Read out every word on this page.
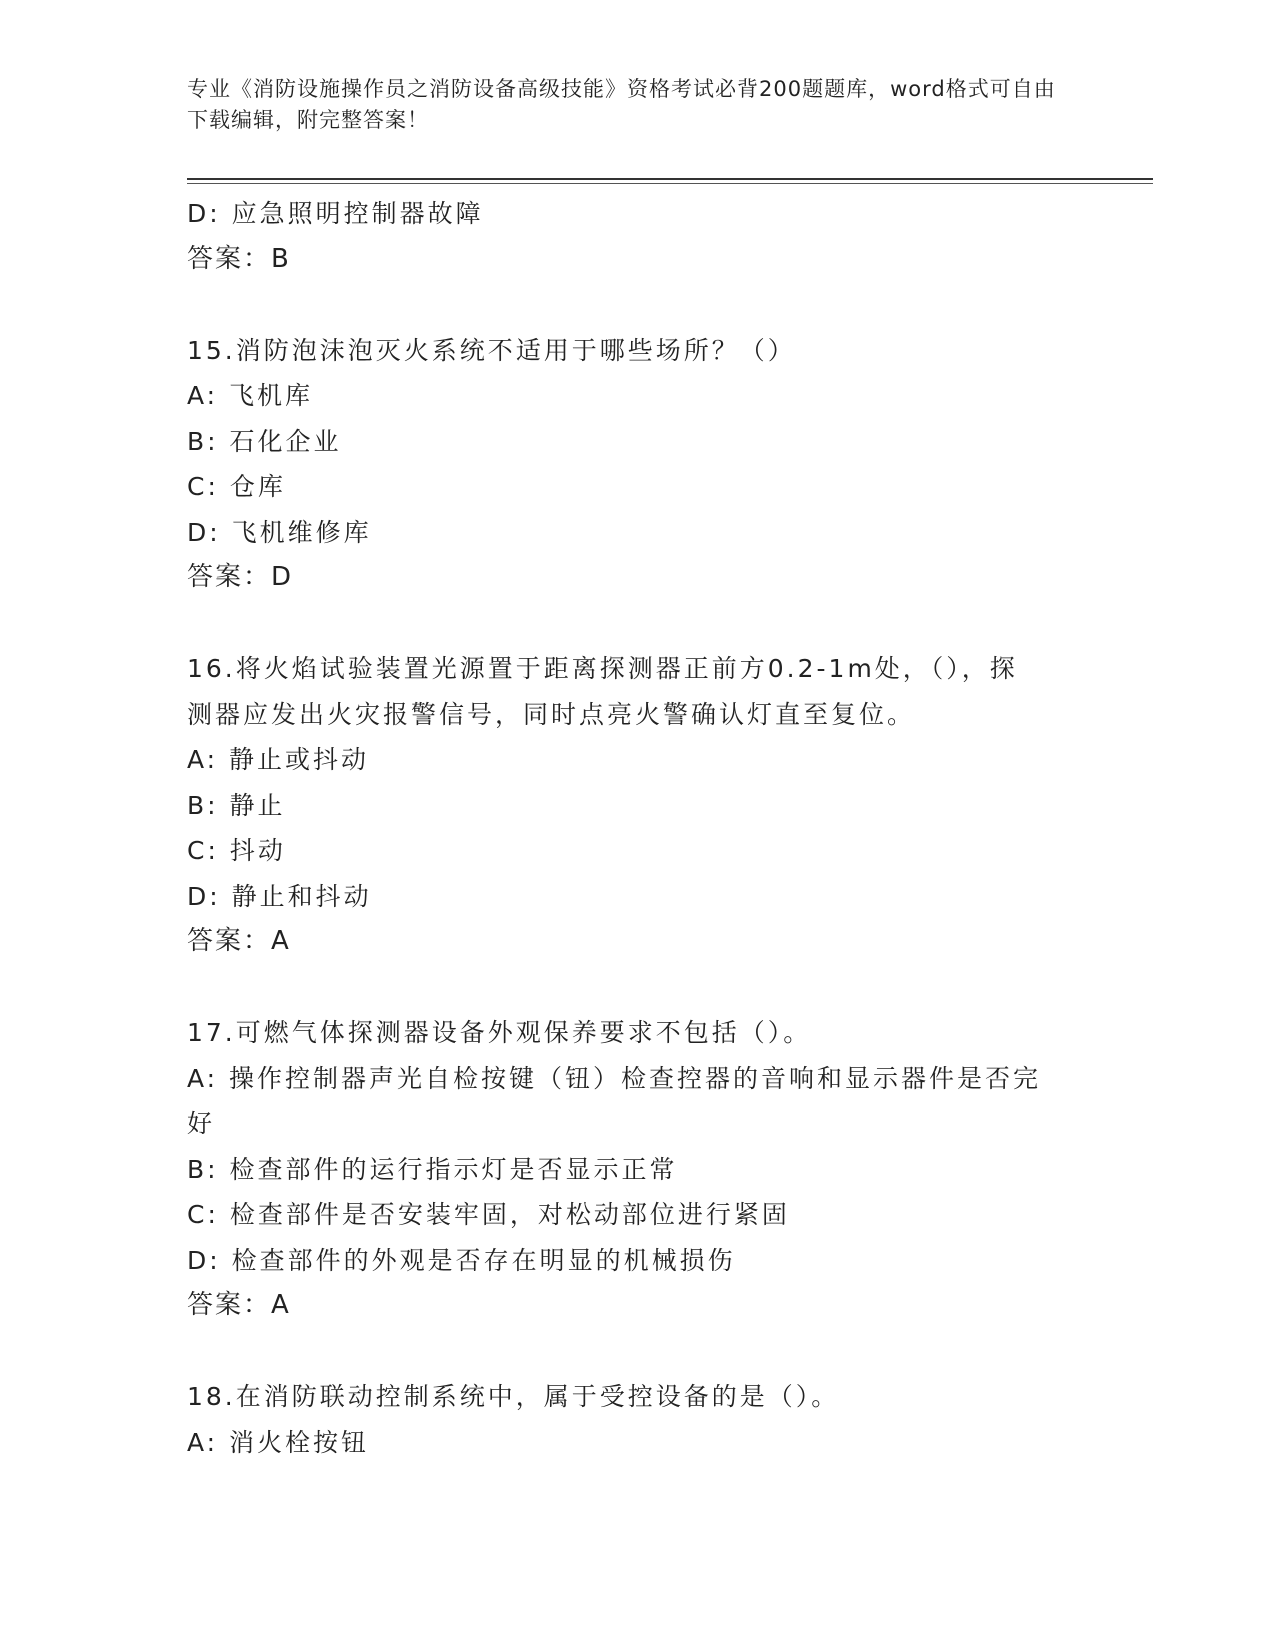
专业《消防设施操作员之消防设备高级技能》资格考试必背200题题库，word格式可自由下载编辑，附完整答案！
D: 应急照明控制器故障
答案：B
15.消防泡沫泡灭火系统不适用于哪些场所？（）
A: 飞机库
B: 石化企业
C: 仓库
D: 飞机维修库
答案：D
16.将火焰试验装置光源置于距离探测器正前方0.2-1m处，（），探测器应发出火灾报警信号，同时点亮火警确认灯直至复位。
A: 静止或抖动
B: 静止
C: 抖动
D: 静止和抖动
答案：A
17.可燃气体探测器设备外观保养要求不包括（）。
A: 操作控制器声光自检按键（钮）检查控器的音响和显示器件是否完好
B: 检查部件的运行指示灯是否显示正常
C: 检查部件是否安装牢固，对松动部位进行紧固
D: 检查部件的外观是否存在明显的机械损伤
答案：A
18.在消防联动控制系统中，属于受控设备的是（）。
A: 消火栓按钮
